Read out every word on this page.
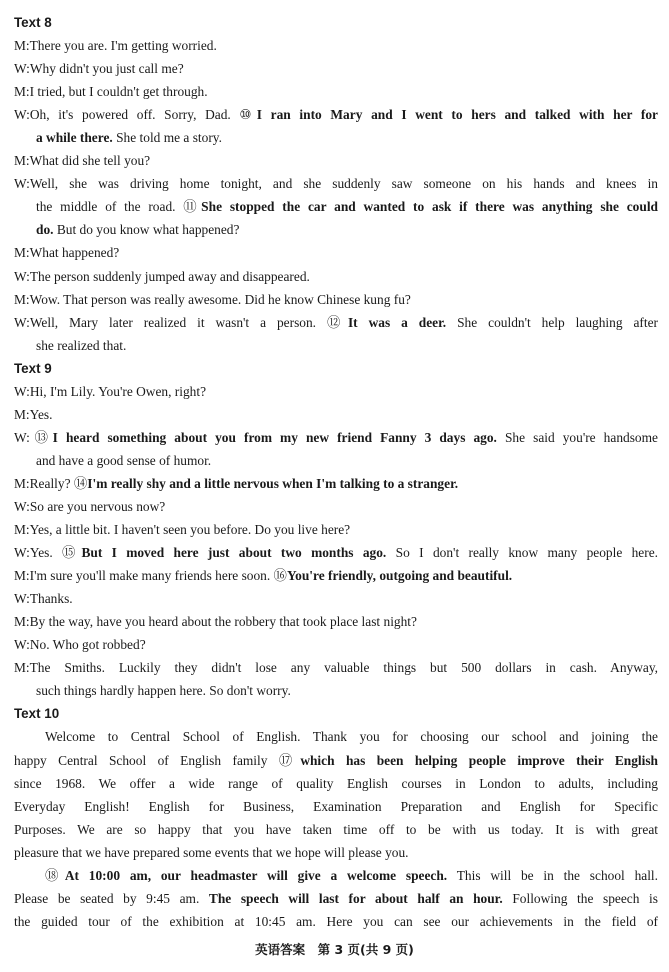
Text 8
M:There you are. I'm getting worried.
W:Why didn't you just call me?
M:I tried, but I couldn't get through.
W:Oh, it's powered off. Sorry, Dad. ⑩I ran into Mary and I went to hers and talked with her for
a while there. She told me a story.
M:What did she tell you?
W:Well, she was driving home tonight, and she suddenly saw someone on his hands and knees in
the middle of the road. ⑪She stopped the car and wanted to ask if there was anything she could
do. But do you know what happened?
M:What happened?
W:The person suddenly jumped away and disappeared.
M:Wow. That person was really awesome. Did he know Chinese kung fu?
W:Well, Mary later realized it wasn't a person. ⑫It was a deer. She couldn't help laughing after
she realized that.
Text 9
W:Hi, I'm Lily. You're Owen, right?
M:Yes.
W:⑬I heard something about you from my new friend Fanny 3 days ago. She said you're handsome
and have a good sense of humor.
M:Really? ⑭I'm really shy and a little nervous when I'm talking to a stranger.
W:So are you nervous now?
M:Yes, a little bit. I haven't seen you before. Do you live here?
W:Yes. ⑮But I moved here just about two months ago. So I don't really know many people here.
M:I'm sure you'll make many friends here soon. ⑯You're friendly, outgoing and beautiful.
W:Thanks.
M:By the way, have you heard about the robbery that took place last night?
W:No. Who got robbed?
M:The Smiths. Luckily they didn't lose any valuable things but 500 dollars in cash. Anyway,
such things hardly happen here. So don't worry.
Text 10
Welcome to Central School of English. Thank you for choosing our school and joining the
happy Central School of English family ⑰which has been helping people improve their English
since 1968. We offer a wide range of quality English courses in London to adults, including
Everyday English! English for Business, Examination Preparation and English for Specific
Purposes. We are so happy that you have taken time off to be with us today. It is with great
pleasure that we have prepared some events that we hope will please you.
⑱At 10:00 am, our headmaster will give a welcome speech. This will be in the school hall.
Please be seated by 9:45 am. The speech will last for about half an hour. Following the speech is
the guided tour of the exhibition at 10:45 am. Here you can see our achievements in the field of
英语答案　第 3 页(共 9 页)
